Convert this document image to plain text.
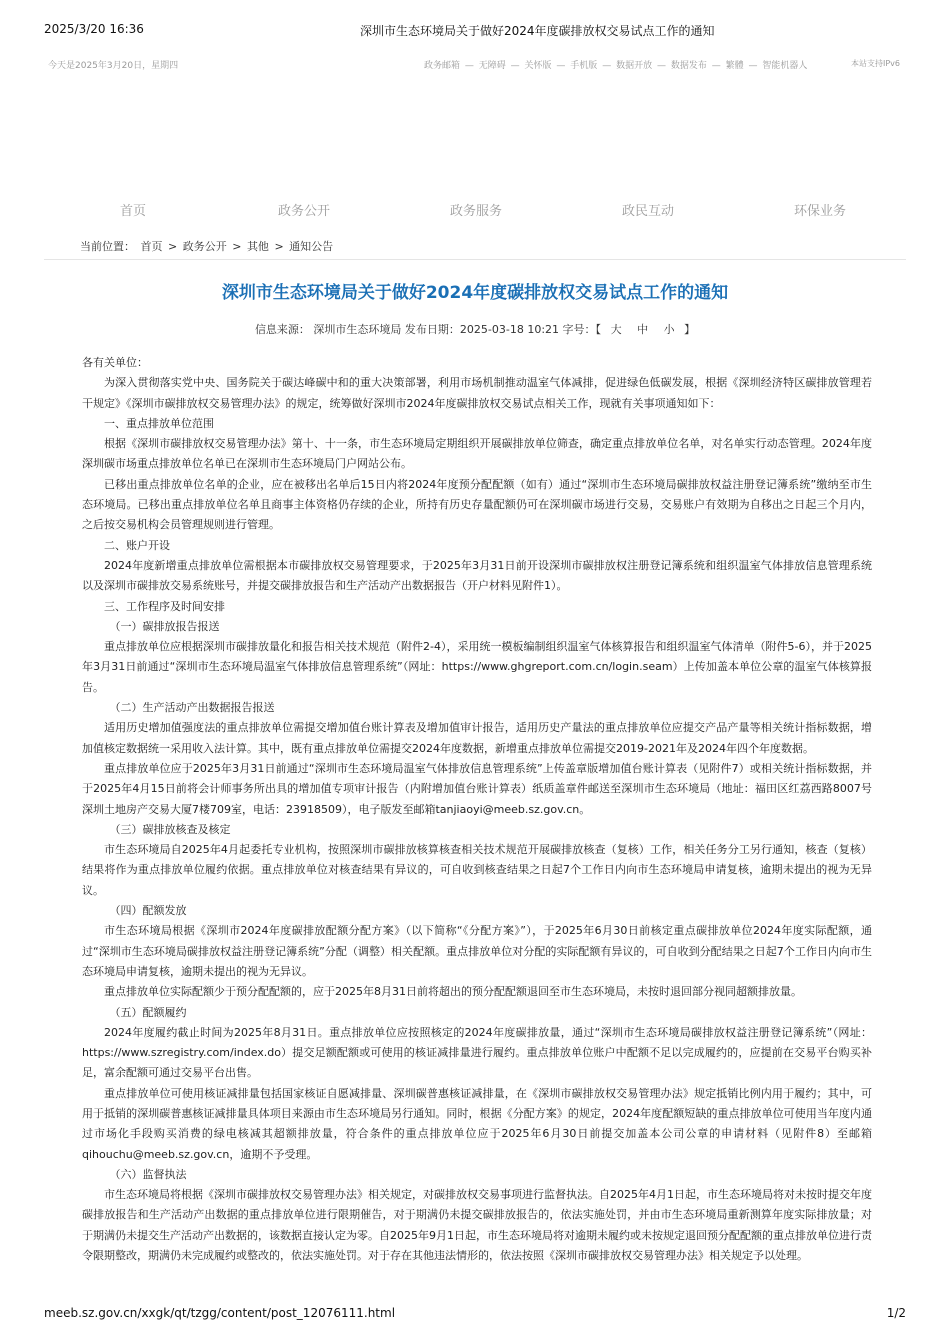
2025/3/20 16:36	深圳市生态环境局关于做好2024年度碳排放权交易试点工作的通知
今天是2025年3月20日，星期四	政务邮箱 — 无障碍 — 关怀版 — 手机版 — 数据开放 — 数据发布 — 繁體 — 智能机器人	本站支持IPv6
首页	政务公开	政务服务	政民互动	环保业务
当前位置： 首页 > 政务公开 > 其他 > 通知公告
深圳市生态环境局关于做好2024年度碳排放权交易试点工作的通知
信息来源： 深圳市生态环境局 发布日期：2025-03-18 10:21 字号：【 大 中 小 】

各有关单位：

为深入贯彻落实党中央、国务院关于碳达峰碳中和的重大决策部署，利用市场机制推动温室气体减排，促进绿色低碳发展，根据《深圳经济特区碳排放管理若干规定》《深圳市碳排放权交易管理办法》的规定，统筹做好深圳市2024年度碳排放权交易试点相关工作，现就有关事项通知如下：

一、重点排放单位范围

根据《深圳市碳排放权交易管理办法》第十、十一条，市生态环境局定期组织开展碳排放单位筛查，确定重点排放单位名单，对名单实行动态管理。2024年度深圳碳市场重点排放单位名单已在深圳市生态环境局门户网站公布。

已移出重点排放单位名单的企业，应在被移出名单后15日内将2024年度预分配配额（如有）通过“深圳市生态环境局碳排放权益注册登记簿系统”缴纳至市生态环境局。已移出重点排放单位名单且商事主体资格仍存续的企业，所持有历史存量配额仍可在深圳碳市场进行交易，交易账户有效期为自移出之日起三个月内，之后按交易机构会员管理规则进行管理。

二、账户开设

2024年度新增重点排放单位需根据本市碳排放权交易管理要求，于2025年3月31日前开设深圳市碳排放权注册登记簿系统和组织温室气体排放信息管理系统以及深圳市碳排放交易系统账号，并提交碳排放报告和生产活动产出数据报告（开户材料见附件1）。

三、工作程序及时间安排

（一）碳排放报告报送

重点排放单位应根据深圳市碳排放量化和报告相关技术规范（附件2-4），采用统一模板编制组织温室气体核算报告和组织温室气体清单（附件5-6），并于2025年3月31日前通过“深圳市生态环境局温室气体排放信息管理系统”（网址：https://www.ghgreport.com.cn/login.seam）上传加盖本单位公章的温室气体核算报告。

（二）生产活动产出数据报告报送

适用历史增加值强度法的重点排放单位需提交增加值台账计算表及增加值审计报告，适用历史产量法的重点排放单位应提交产品产量等相关统计指标数据，增加值核定数据统一采用收入法计算。其中，既有重点排放单位需提交2024年度数据，新增重点排放单位需提交2019-2021年及2024年四个年度数据。

重点排放单位应于2025年3月31日前通过“深圳市生态环境局温室气体排放信息管理系统”上传盖章版增加值台账计算表（见附件7）或相关统计指标数据，并于2025年4月15日前将会计师事务所出具的增加值专项审计报告（内附增加值台账计算表）纸质盖章件邮送至深圳市生态环境局（地址：福田区红荔西路8007号深圳土地房产交易大厦7楼709室，电话：23918509），电子版发至邮箱tanjiaoyi@meeb.sz.gov.cn。

（三）碳排放核查及核定

市生态环境局自2025年4月起委托专业机构，按照深圳市碳排放核算核查相关技术规范开展碳排放核查（复核）工作，相关任务分工另行通知，核查（复核）结果将作为重点排放单位履约依据。重点排放单位对核查结果有异议的，可自收到核查结果之日起7个工作日内向市生态环境局申请复核，逾期未提出的视为无异议。

（四）配额发放

市生态环境局根据《深圳市2024年度碳排放配额分配方案》（以下简称“《分配方案》”），于2025年6月30日前核定重点碳排放单位2024年度实际配额，通过“深圳市生态环境局碳排放权益注册登记簿系统”分配（调整）相关配额。重点排放单位对分配的实际配额有异议的，可自收到分配结果之日起7个工作日内向市生态环境局申请复核，逾期未提出的视为无异议。

重点排放单位实际配额少于预分配配额的，应于2025年8月31日前将超出的预分配配额退回至市生态环境局，未按时退回部分视同超额排放量。

（五）配额履约

2024年度履约截止时间为2025年8月31日。重点排放单位应按照核定的2024年度碳排放量，通过“深圳市生态环境局碳排放权益注册登记簿系统”（网址：https://www.szregistry.com/index.do）提交足额配额或可使用的核证减排量进行履约。重点排放单位账户中配额不足以完成履约的，应提前在交易平台购买补足，富余配额可通过交易平台出售。

重点排放单位可使用核证减排量包括国家核证自愿减排量、深圳碳普惠核证减排量，在《深圳市碳排放权交易管理办法》规定抵销比例内用于履约；其中，可用于抵销的深圳碳普惠核证减排量具体项目来源由市生态环境局另行通知。同时，根据《分配方案》的规定，2024年度配额短缺的重点排放单位可使用当年度内通过市场化手段购买消费的绿电核减其超额排放量，符合条件的重点排放单位应于2025年6月30日前提交加盖本公司公章的申请材料（见附件8）至邮箱qihouchu@meeb.sz.gov.cn，逾期不予受理。

（六）监督执法

市生态环境局将根据《深圳市碳排放权交易管理办法》相关规定，对碳排放权交易事项进行监督执法。自2025年4月1日起，市生态环境局将对未按时提交年度碳排放报告和生产活动产出数据的重点排放单位进行限期催告，对于期满仍未提交碳排放报告的，依法实施处罚，并由市生态环境局重新测算年度实际排放量；对于期满仍未提交生产活动产出数据的，该数据直接认定为零。自2025年9月1日起，市生态环境局将对逾期未履约或未按规定退回预分配配额的重点排放单位进行责令限期整改，期满仍未完成履约或整改的，依法实施处罚。对于存在其他违法情形的，依法按照《深圳市碳排放权交易管理办法》相关规定予以处理。

meeb.sz.gov.cn/xxgk/qt/tzgg/content/post_12076111.html	1/2
